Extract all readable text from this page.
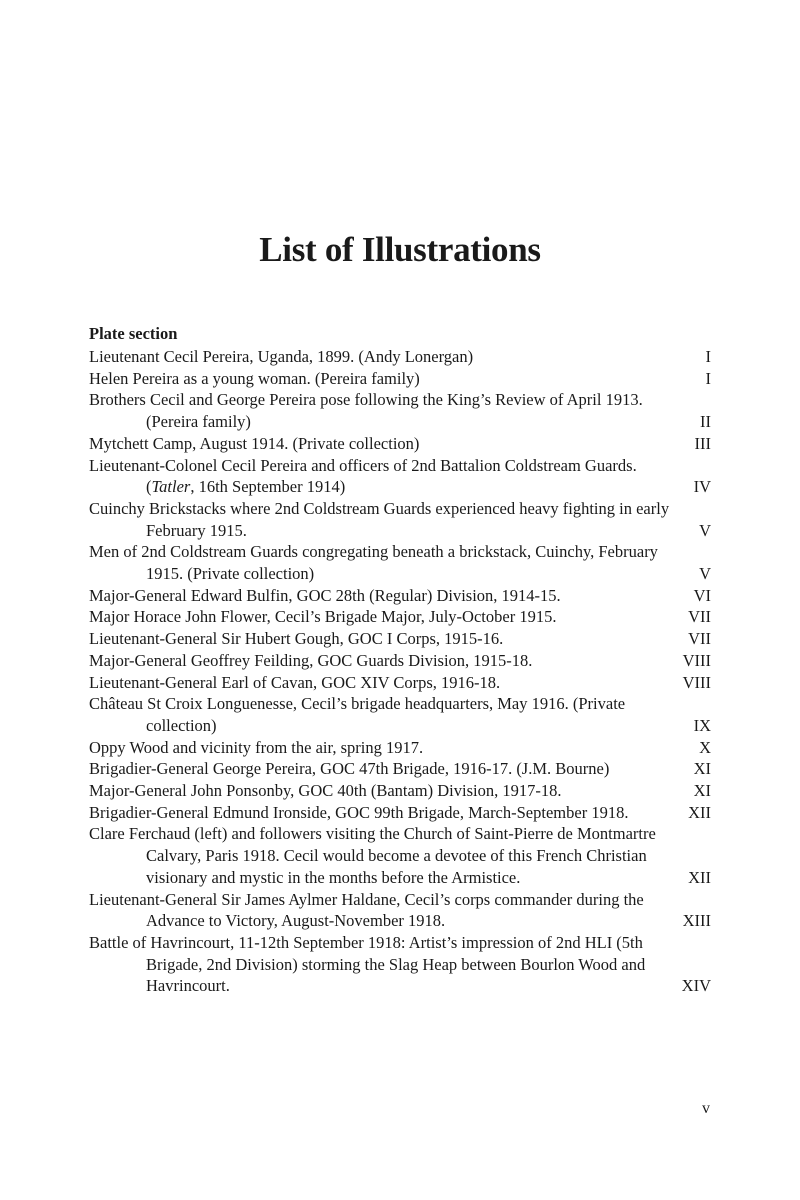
List of Illustrations
Plate section
Lieutenant Cecil Pereira, Uganda, 1899. (Andy Lonergan)	I
Helen Pereira as a young woman. (Pereira family)	I
Brothers Cecil and George Pereira pose following the King’s Review of April 1913. (Pereira family)	II
Mytchett Camp, August 1914. (Private collection)	III
Lieutenant-Colonel Cecil Pereira and officers of 2nd Battalion Coldstream Guards. (Tatler, 16th September 1914)	IV
Cuinchy Brickstacks where 2nd Coldstream Guards experienced heavy fighting in early February 1915.	V
Men of 2nd Coldstream Guards congregating beneath a brickstack, Cuinchy, February 1915. (Private collection)	V
Major-General Edward Bulfin, GOC 28th (Regular) Division, 1914-15.	VI
Major Horace John Flower, Cecil’s Brigade Major, July-October 1915.	VII
Lieutenant-General Sir Hubert Gough, GOC I Corps, 1915-16.	VII
Major-General Geoffrey Feilding, GOC Guards Division, 1915-18.	VIII
Lieutenant-General Earl of Cavan, GOC XIV Corps, 1916-18.	VIII
Château St Croix Longuenesse, Cecil’s brigade headquarters, May 1916. (Private collection)	IX
Oppy Wood and vicinity from the air, spring 1917.	X
Brigadier-General George Pereira, GOC 47th Brigade, 1916-17. (J.M. Bourne)	XI
Major-General John Ponsonby, GOC 40th (Bantam) Division, 1917-18.	XI
Brigadier-General Edmund Ironside, GOC 99th Brigade, March-September 1918.	XII
Clare Ferchaud (left) and followers visiting the Church of Saint-Pierre de Montmartre Calvary, Paris 1918. Cecil would become a devotee of this French Christian visionary and mystic in the months before the Armistice.	XII
Lieutenant-General Sir James Aylmer Haldane, Cecil’s corps commander during the Advance to Victory, August-November 1918.	XIII
Battle of Havrincourt, 11-12th September 1918: Artist’s impression of 2nd HLI (5th Brigade, 2nd Division) storming the Slag Heap between Bourlon Wood and Havrincourt.	XIV
v
